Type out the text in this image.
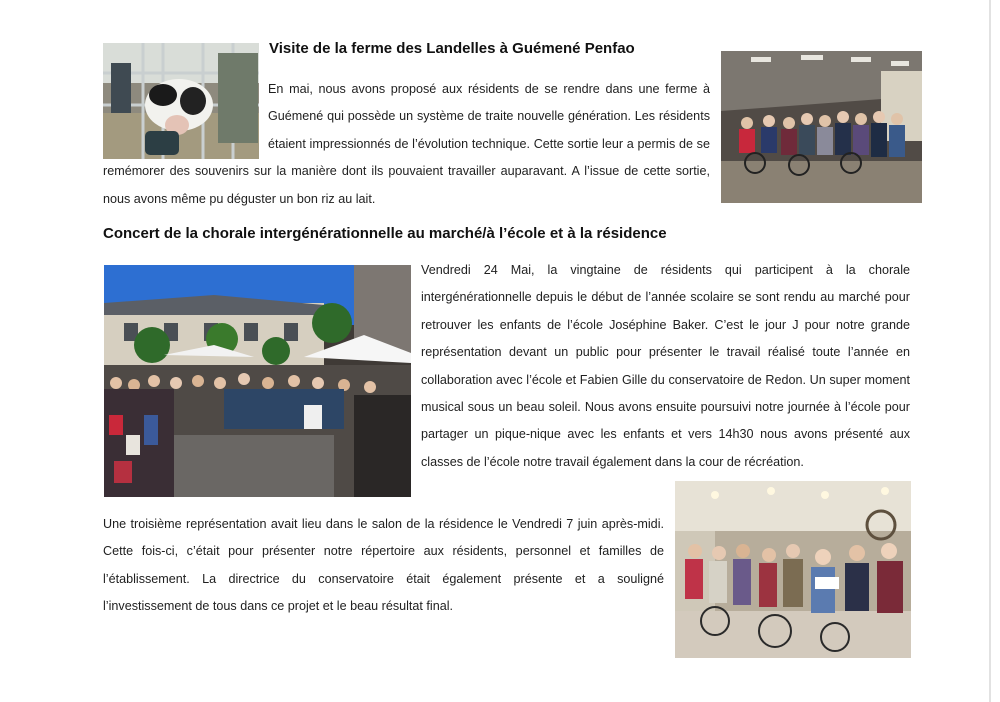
Visite de la ferme des Landelles à Guémené Penfao
En mai, nous avons proposé aux résidents de se rendre dans une ferme à Guémené qui possède un système de traite nouvelle génération. Les résidents étaient impressionnés de l’évolution technique. Cette sortie leur a permis de se remémorer des souvenirs sur la manière dont ils pouvaient travailler auparavant. A l’issue de cette sortie, nous avons même pu déguster un bon riz au lait.
Concert de la chorale intergénérationnelle au marché/à l’école et à la résidence

Vendredi 24 Mai, la vingtaine de résidents qui participent à la chorale intergénérationnelle depuis le début de l’année scolaire se sont rendu au marché pour retrouver les enfants de l’école Joséphine Baker. C’est le jour J pour notre grande représentation devant un public pour présenter le travail réalisé toute l’année en collaboration avec l’école et Fabien Gille du conservatoire de Redon. Un super moment musical sous un beau soleil. Nous avons ensuite poursuivi notre journée à l’école pour partager un pique-nique avec les enfants et vers 14h30 nous avons présenté aux classes de l’école notre travail également dans la cour de récréation.

Une troisième représentation avait lieu dans le salon de la résidence le Vendredi 7 juin après-midi. Cette fois-ci, c’était pour présenter notre répertoire aux résidents, personnel et familles de l’établissement. La directrice du conservatoire était également présente et a souligné l’investissement de tous dans ce projet et le beau résultat final.
